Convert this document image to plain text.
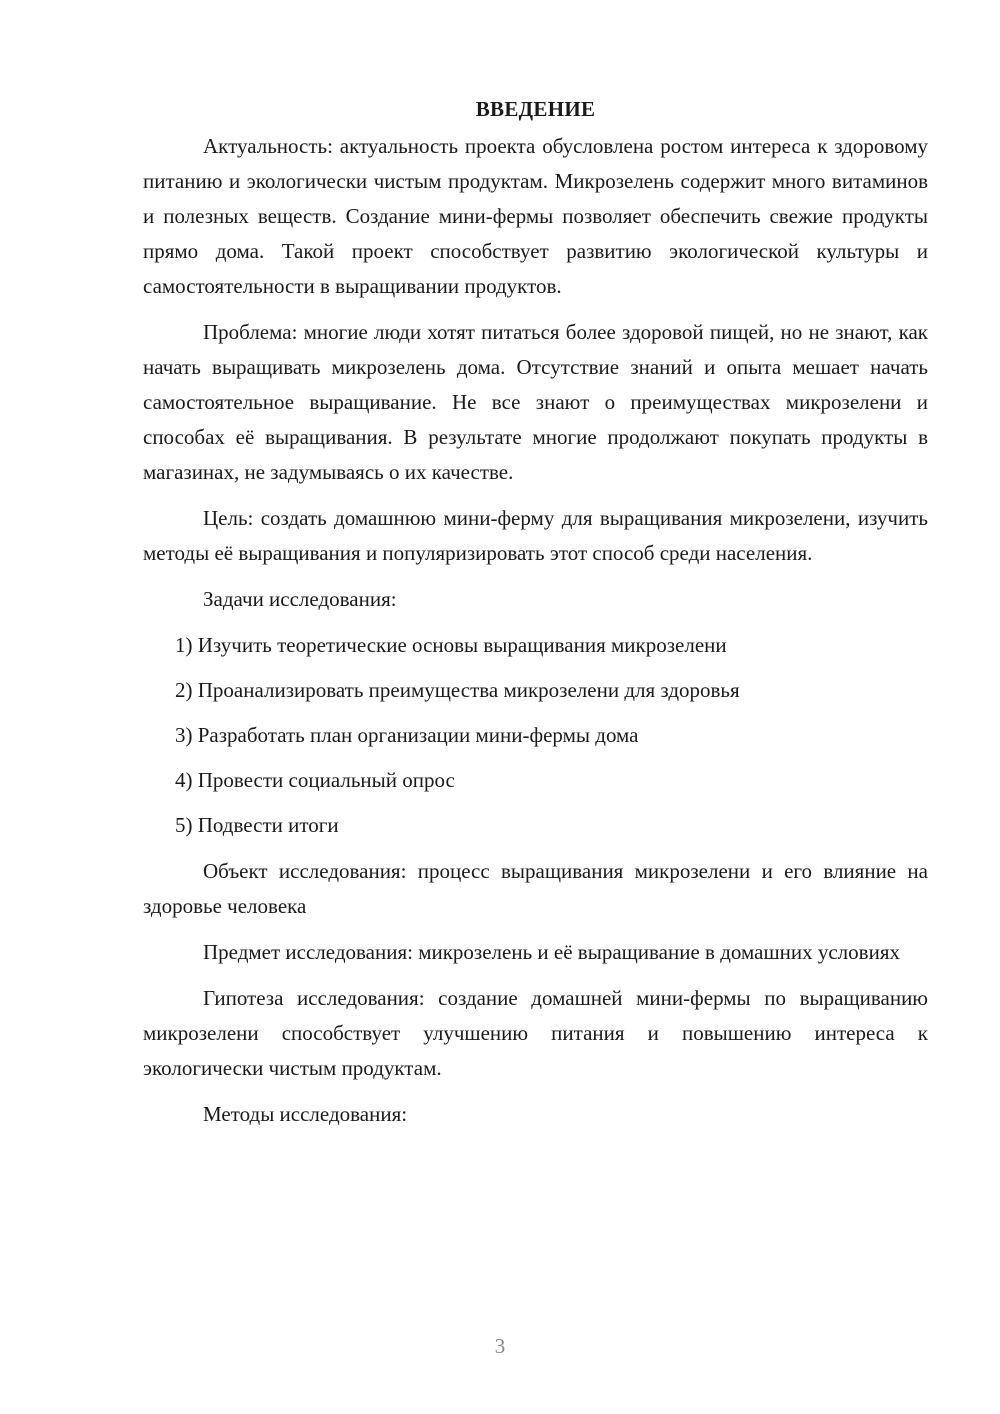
ВВЕДЕНИЕ

Актуальность: актуальность проекта обусловлена ростом интереса к здоровому питанию и экологически чистым продуктам. Микрозелень содержит много витаминов и полезных веществ. Создание мини-фермы позволяет обеспечить свежие продукты прямо дома. Такой проект способствует развитию экологической культуры и самостоятельности в выращивании продуктов.

Проблема: многие люди хотят питаться более здоровой пищей, но не знают, как начать выращивать микрозелень дома. Отсутствие знаний и опыта мешает начать самостоятельное выращивание. Не все знают о преимуществах микрозелени и способах её выращивания. В результате многие продолжают покупать продукты в магазинах, не задумываясь о их качестве.

Цель: создать домашнюю мини-ферму для выращивания микрозелени, изучить методы её выращивания и популяризировать этот способ среди населения.

Задачи исследования:

1) Изучить теоретические основы выращивания микрозелени
2) Проанализировать преимущества микрозелени для здоровья
3) Разработать план организации мини-фермы дома
4) Провести социальный опрос
5) Подвести итоги

Объект исследования: процесс выращивания микрозелени и его влияние на здоровье человека

Предмет исследования: микрозелень и её выращивание в домашних условиях

Гипотеза исследования: создание домашней мини-фермы по выращиванию микрозелени способствует улучшению питания и повышению интереса к экологически чистым продуктам.

Методы исследования:

3
